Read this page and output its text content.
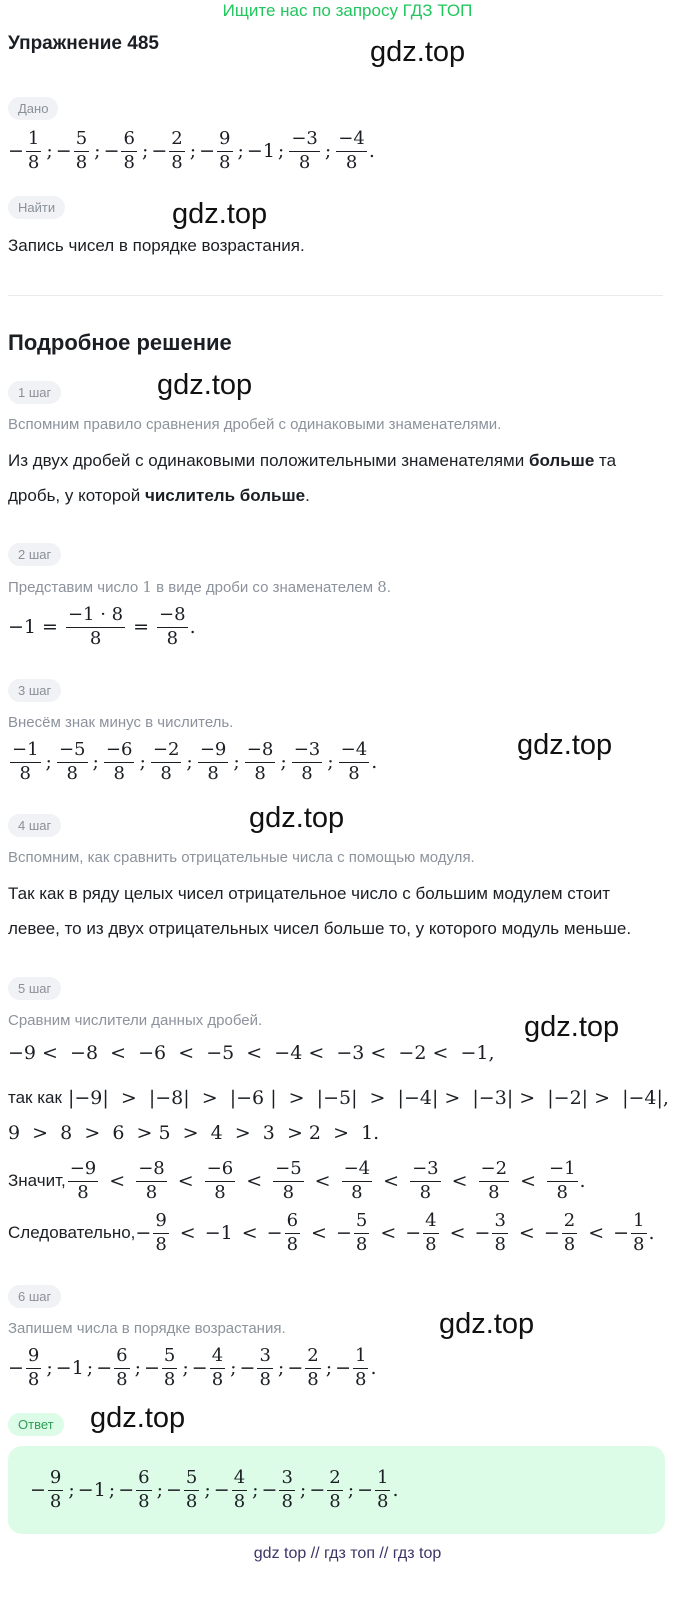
Ищите нас по запросу ГДЗ ТОП
gdz.top
gdz.top
gdz.top
gdz.top
gdz.top
gdz.top
gdz.top
gdz.top
Упражнение 485
Дано
− $\frac{1}{8}$ ; − $\frac{5}{8}$ ; − $\frac{6}{8}$ ; − $\frac{2}{8}$ ; − $\frac{9}{8}$ ; −1 ; $\frac{-3}{8}$ ; $\frac{-4}{8}$ .
Найти
Запись чисел в порядке возрастания.
Подробное решение
1 шаг
Вспомним правило сравнения дробей с одинаковыми знаменателями.
Из двух дробей с одинаковыми положительными знаменателями больше та
дробь, у которой числитель больше.
2 шаг
Представим число 1 в виде дроби со знаменателем 8.
$-1 = \frac{-1 \cdot 8}{8} = \frac{-8}{8}$ .
3 шаг
Внесём знак минус в числитель.
$\frac{-1}{8}$ ; $\frac{-5}{8}$ ; $\frac{-6}{8}$ ; $\frac{-2}{8}$ ; $\frac{-9}{8}$ ; $\frac{-8}{8}$ ; $\frac{-3}{8}$ ; $\frac{-4}{8}$ .
4 шаг
Вспомним, как сравнить отрицательные числа с помощью модуля.
Так как в ряду целых чисел отрицательное число с большим модулем стоит
левее, то из двух отрицательных чисел больше то, у которого модуль меньше.
5 шаг
Сравним числители данных дробей.
−9 <  −8  <  −6  <  −5  <  −4 <  −3 <  −2 <  −1,
так как |−9|  >  |−8|  >  |−6 |  >  |−5|  >  |−4| >  |−3| >  |−2| >  |−4|,
9  >  8  >  6  > 5  >  4  >  3  > 2  >  1.
Значит, $\frac{-9}{8} < \frac{-8}{8} < \frac{-6}{8} < \frac{-5}{8} < \frac{-4}{8} < \frac{-3}{8} < \frac{-2}{8} < \frac{-1}{8}$ .
Следовательно, − $\frac{9}{8} < -1$ < − $\frac{6}{8}$ < − $\frac{5}{8}$ < − $\frac{4}{8}$ < − $\frac{3}{8}$ < − $\frac{2}{8}$ < − $\frac{1}{8}$ .
6 шаг
Запишем числа в порядке возрастания.
− $\frac{9}{8}$ ; −1 ; − $\frac{6}{8}$ ; − $\frac{5}{8}$ ; − $\frac{4}{8}$ ; − $\frac{3}{8}$ ; − $\frac{2}{8}$ ; − $\frac{1}{8}$ .
Ответ
− $\frac{9}{8}$ ; −1 ; − $\frac{6}{8}$ ; − $\frac{5}{8}$ ; − $\frac{4}{8}$ ; − $\frac{3}{8}$ ; − $\frac{2}{8}$ ; − $\frac{1}{8}$ .
gdz top // гдз топ // гдз top
